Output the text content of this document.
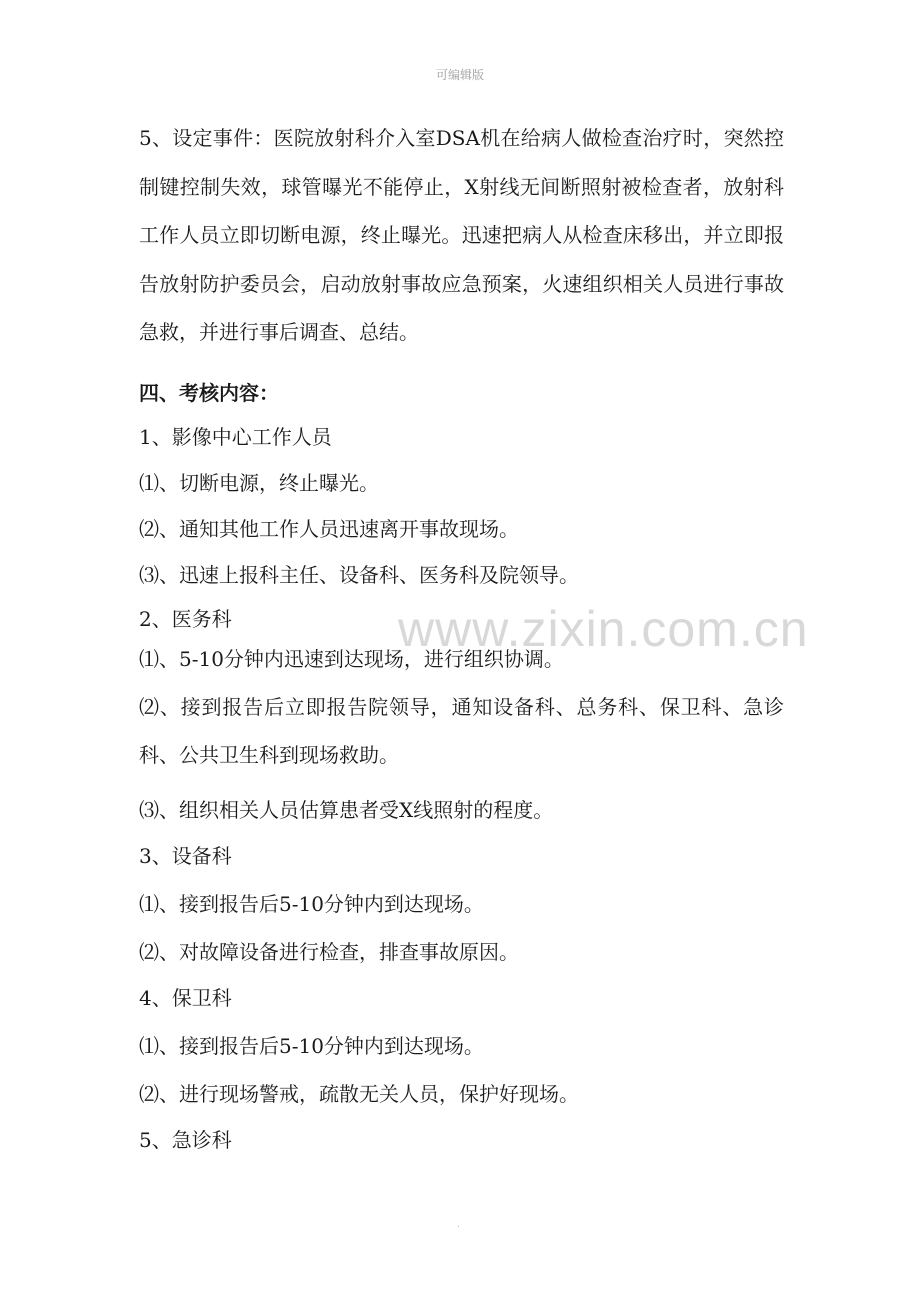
可编辑版
www.zixin.com.cn

5、设定事件：医院放射科介入室DSA机在给病人做检查治疗时，突然控制键控制失效，球管曝光不能停止，X射线无间断照射被检查者，放射科工作人员立即切断电源，终止曝光。迅速把病人从检查床移出，并立即报告放射防护委员会，启动放射事故应急预案，火速组织相关人员进行事故急救，并进行事后调查、总结。

四、考核内容：

1、影像中心工作人员

⑴、切断电源，终止曝光。

⑵、通知其他工作人员迅速离开事故现场。

⑶、迅速上报科主任、设备科、医务科及院领导。

2、医务科

⑴、5-10分钟内迅速到达现场，进行组织协调。

⑵、接到报告后立即报告院领导，通知设备科、总务科、保卫科、急诊科、公共卫生科到现场救助。

⑶、组织相关人员估算患者受X线照射的程度。

3、设备科

⑴、接到报告后5-10分钟内到达现场。

⑵、对故障设备进行检查，排查事故原因。

4、保卫科

⑴、接到报告后5-10分钟内到达现场。

⑵、进行现场警戒，疏散无关人员，保护好现场。

5、急诊科

.
